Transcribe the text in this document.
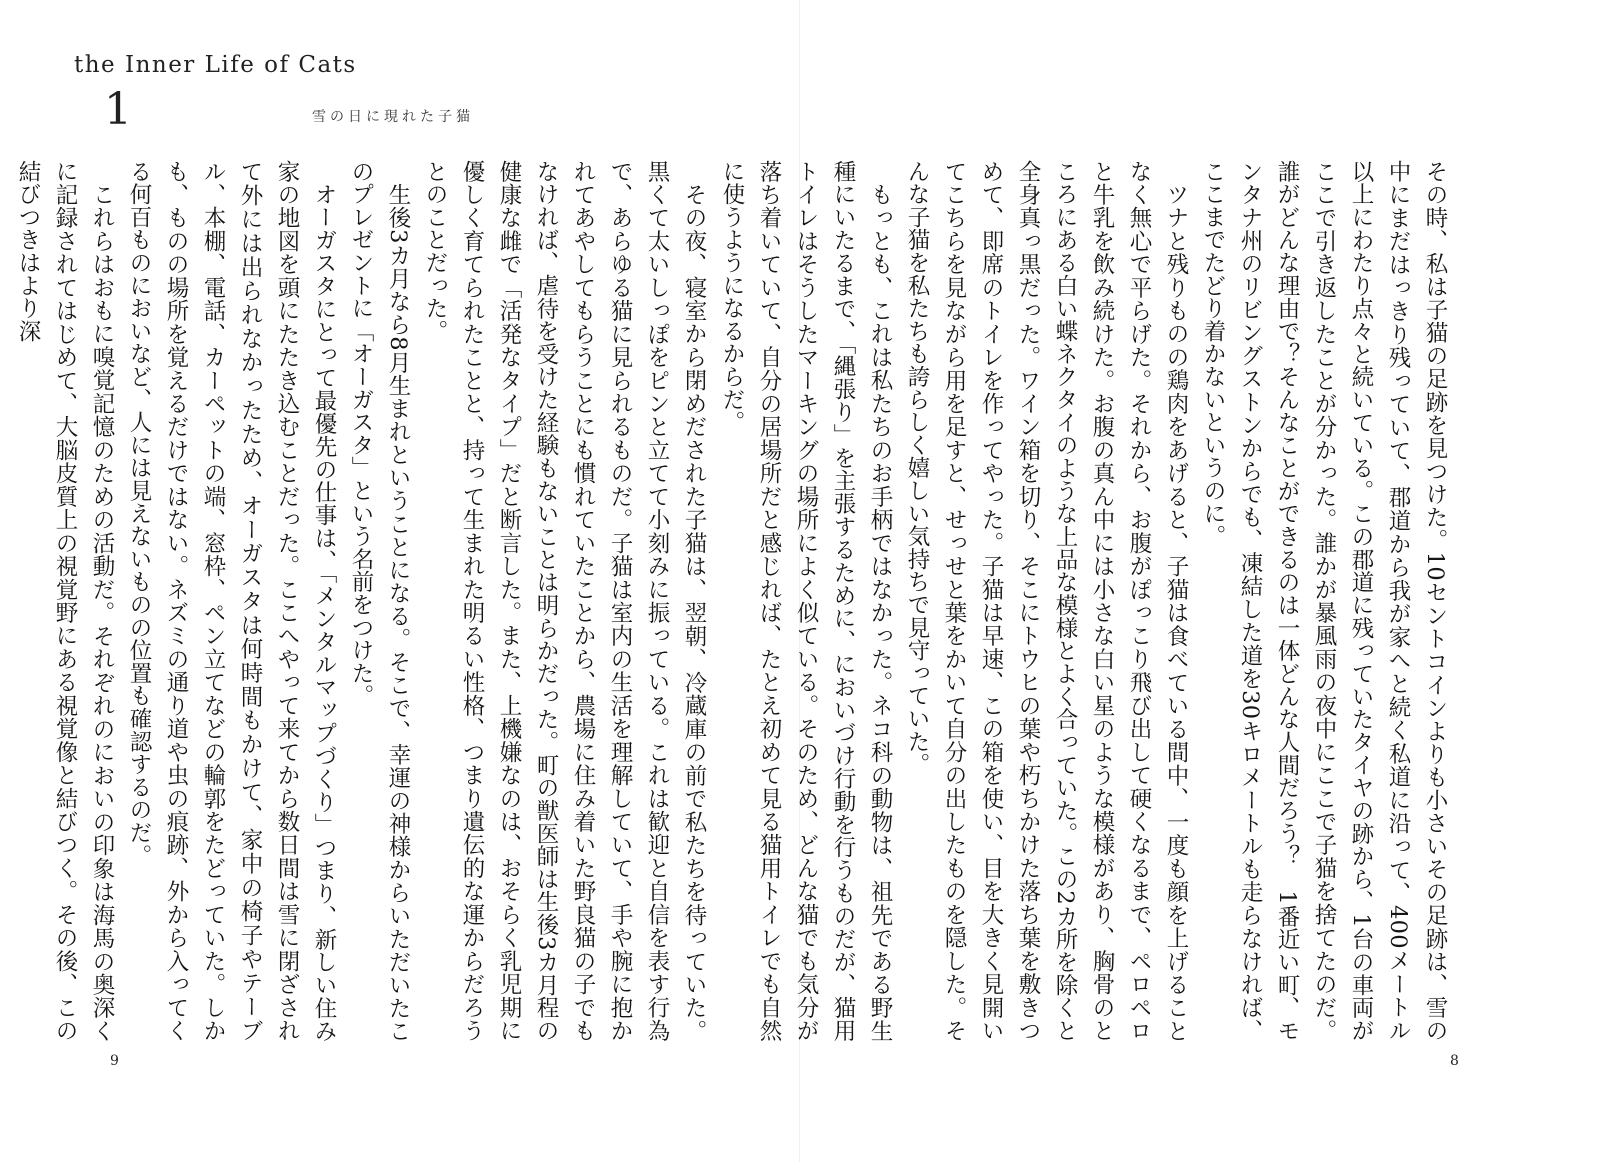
the Inner Life of Cats
1	雪の日に現れた子猫

その夜、寝室から閉めだされた子猫は、翌朝、冷蔵庫の前で私たちを待っていた。黒くて太いしっぽをピンと立てて小刻みに振っている。これは歓迎と自信を表す行為で、あらゆる猫に見られるものだ。子猫は室内の生活を理解していて、手や腕に抱かれてあやしてもらうことにも慣れていたことから、農場に住み着いた野良猫の子でもなければ、虐待を受けた経験もないことは明らかだった。町の獣医師は生後3カ月程の健康な雌で「活発なタイプ」だと断言した。また、上機嫌なのは、おそらく乳児期に優しく育てられたことと、持って生まれた明るい性格、つまり遺伝的な運からだろうとのことだった。

生後3カ月なら8月生まれということになる。そこで、幸運の神様からいただいたこのプレゼントに「オーガスタ」という名前をつけた。

オーガスタにとって最優先の仕事は、「メンタルマップづくり」つまり、新しい住み家の地図を頭にたたき込むことだった。ここへやって来てから数日間は雪に閉ざされて外には出られなかったため、オーガスタは何時間もかけて、家中の椅子やテーブル、本棚、電話、カーペットの端、窓枠、ペン立てなどの輪郭をたどっていた。しかも、ものの場所を覚えるだけではない。ネズミの通り道や虫の痕跡、外から入ってくる何百ものにおいなど、人には見えないものの位置も確認するのだ。

これらはおもに嗅覚記憶のための活動だ。それぞれのにおいの印象は海馬の奥深くに記録されてはじめて、大脳皮質上の視覚野にある視覚像と結びつく。その後、この結びつきはより深

9

その時、私は子猫の足跡を見つけた。10セントコインよりも小さいその足跡は、雪の中にまだはっきり残っていて、郡道から我が家へと続く私道に沿って、400メートル以上にわたり点々と続いている。この郡道に残っていたタイヤの跡から、1台の車両がここで引き返したことが分かった。誰かが暴風雨の夜中にここで子猫を捨てたのだ。誰がどんな理由で？そんなことができるのは一体どんな人間だろう？　1番近い町、モンタナ州のリビングストンからでも、凍結した道を30キロメートルも走らなければ、ここまでたどり着かないというのに。

ツナと残りものの鶏肉をあげると、子猫は食べている間中、一度も顔を上げることなく無心で平らげた。それから、お腹がぽっこり飛び出して硬くなるまで、ペロペロと牛乳を飲み続けた。お腹の真ん中には小さな白い星のような模様があり、胸骨のところにある白い蝶ネクタイのような上品な模様とよく合っていた。この2カ所を除くと全身真っ黒だった。ワイン箱を切り、そこにトウヒの葉や朽ちかけた落ち葉を敷きつめて、即席のトイレを作ってやった。子猫は早速、この箱を使い、目を大きく見開いてこちらを見ながら用を足すと、せっせと葉をかいて自分の出したものを隠した。そんな子猫を私たちも誇らしく嬉しい気持ちで見守っていた。

もっとも、これは私たちのお手柄ではなかった。ネコ科の動物は、祖先である野生種にいたるまで、「縄張り」を主張するために、においづけ行動を行うものだが、猫用トイレはそうしたマーキングの場所によく似ている。そのため、どんな猫でも気分が落ち着いていて、自分の居場所だと感じれば、たとえ初めて見る猫用トイレでも自然に使うようになるからだ。

8
